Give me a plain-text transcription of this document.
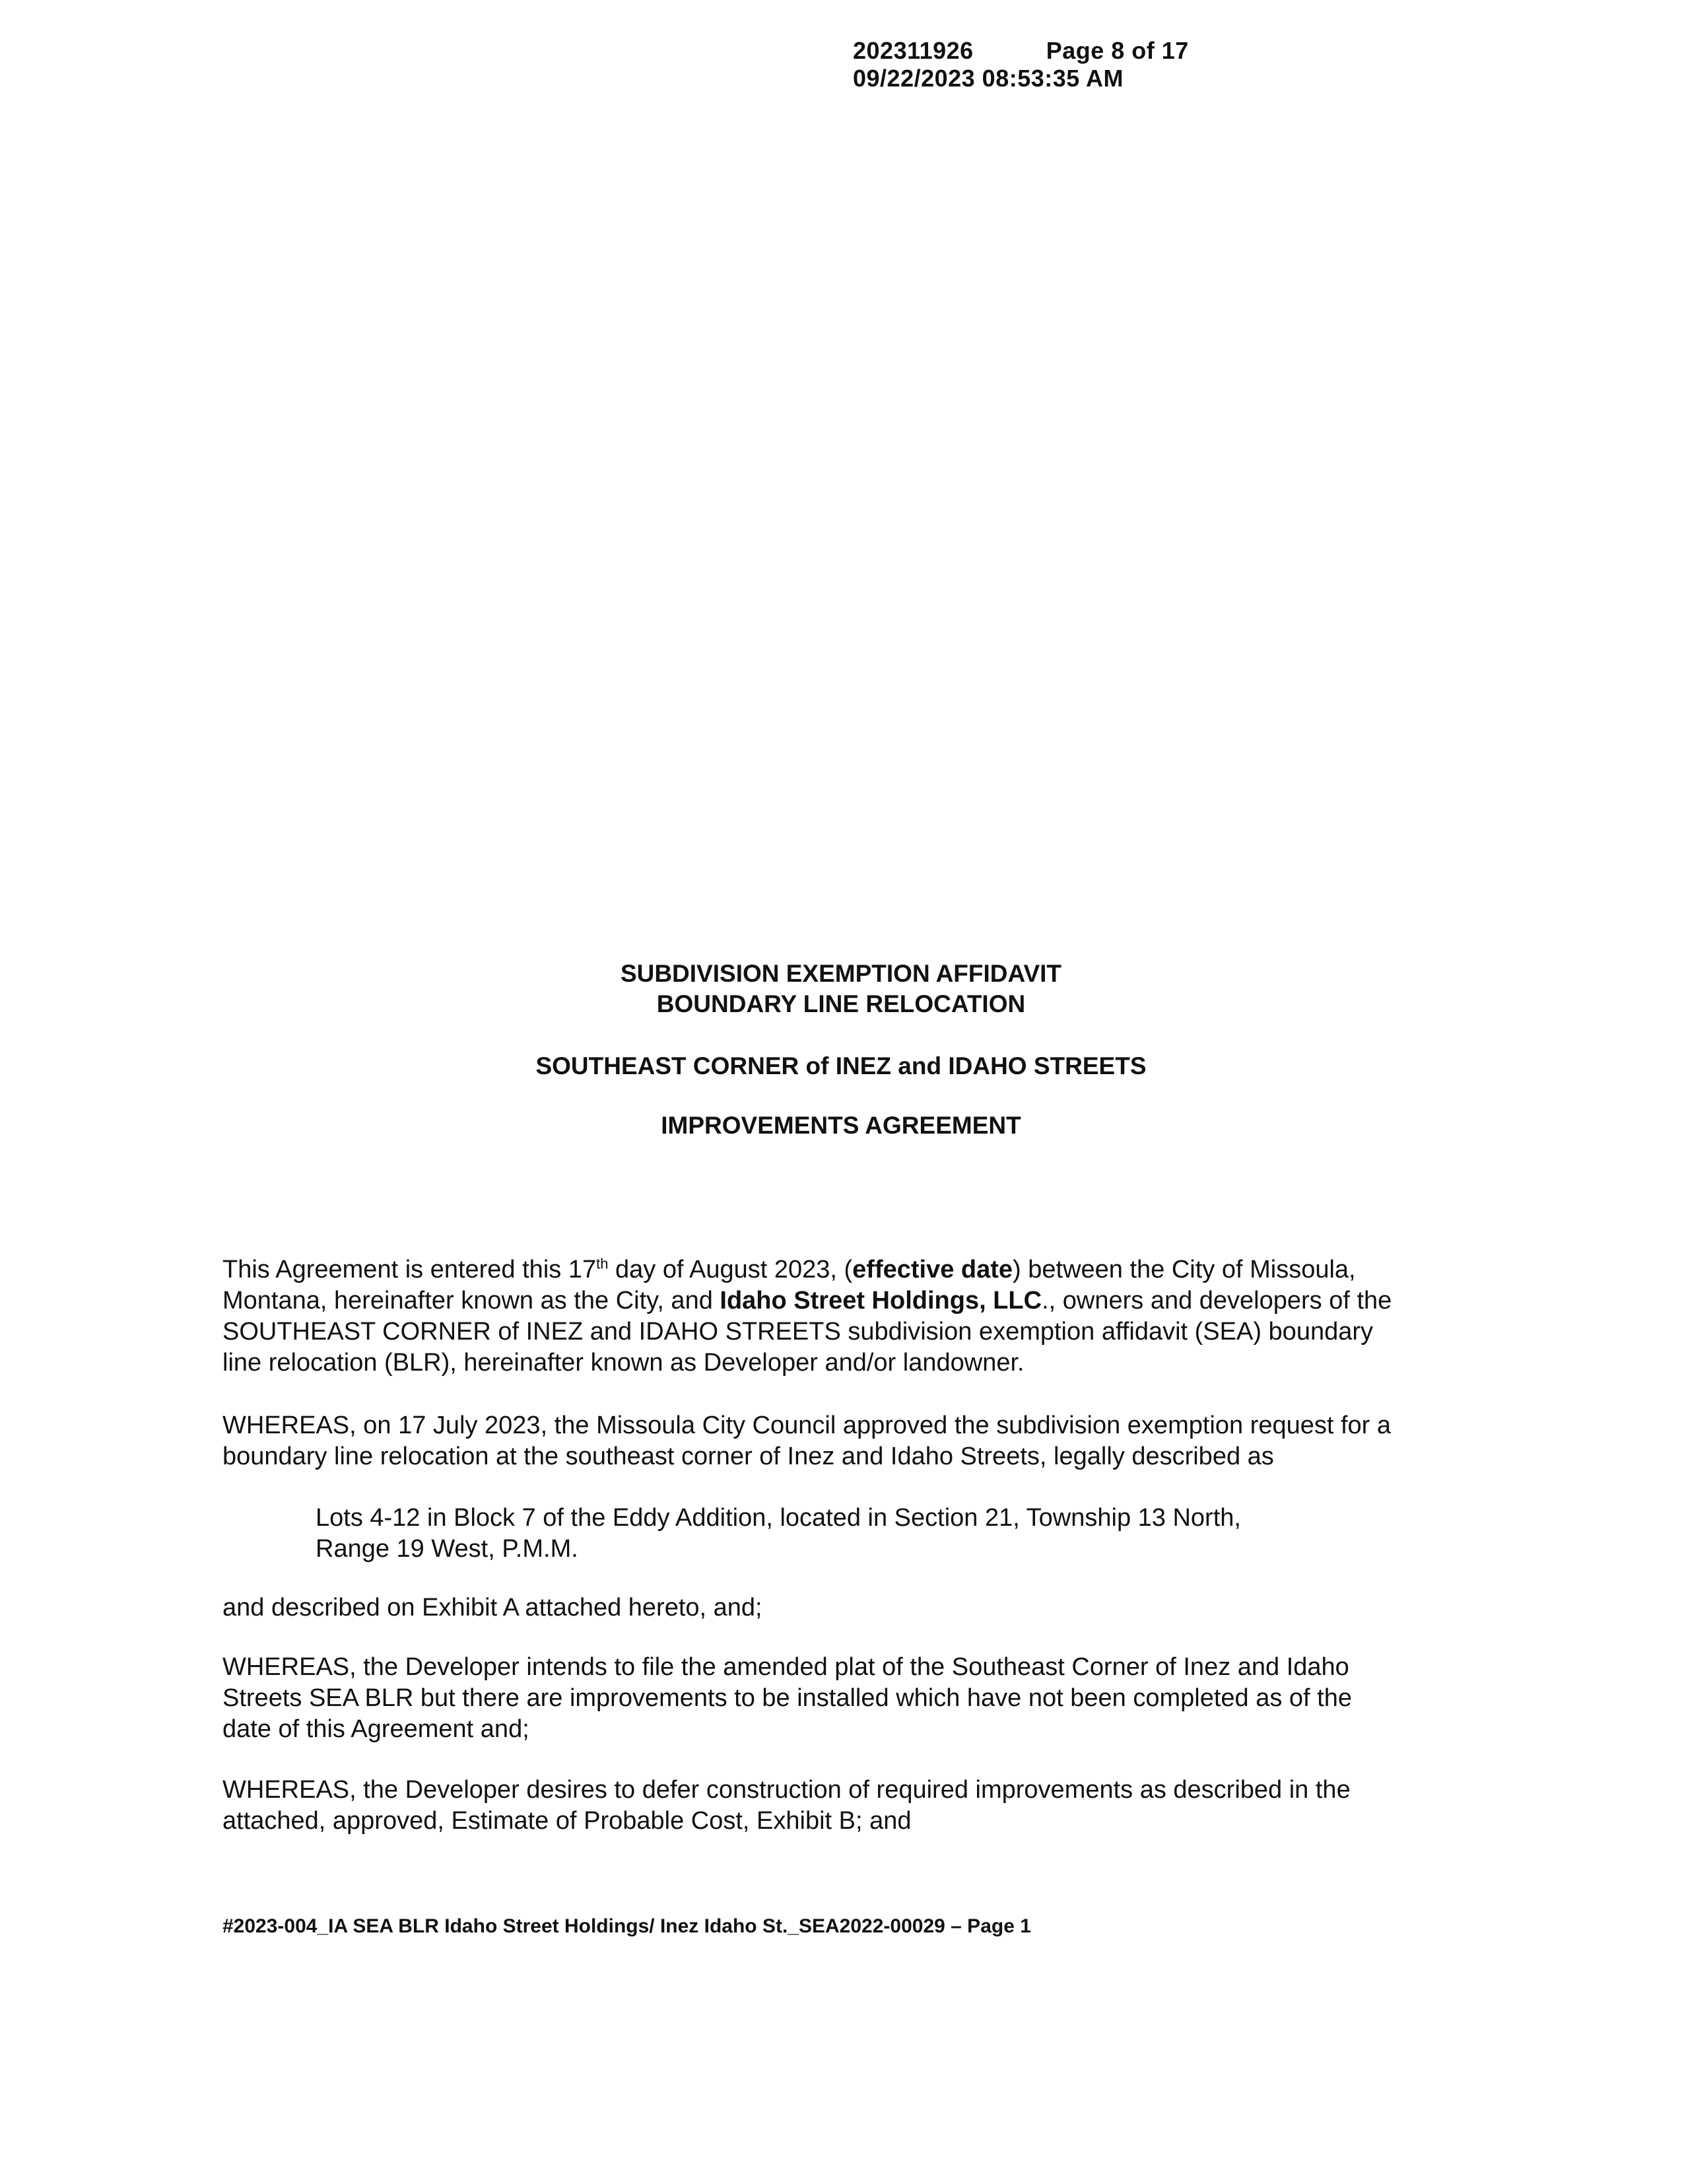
202311926	Page 8 of 17
09/22/2023 08:53:35 AM
SUBDIVISION EXEMPTION AFFIDAVIT
BOUNDARY LINE RELOCATION
SOUTHEAST CORNER of INEZ and IDAHO STREETS
IMPROVEMENTS AGREEMENT
This Agreement is entered this 17th day of August 2023, (effective date) between the City of Missoula,
Montana, hereinafter known as the City, and Idaho Street Holdings, LLC., owners and developers of the
SOUTHEAST CORNER of INEZ and IDAHO STREETS subdivision exemption affidavit (SEA) boundary
line relocation (BLR), hereinafter known as Developer and/or landowner.
WHEREAS, on 17 July 2023, the Missoula City Council approved the subdivision exemption request for a
boundary line relocation at the southeast corner of Inez and Idaho Streets, legally described as
Lots 4-12 in Block 7 of the Eddy Addition, located in Section 21, Township 13 North,
Range 19 West, P.M.M.
and described on Exhibit A attached hereto, and;
WHEREAS, the Developer intends to file the amended plat of the Southeast Corner of Inez and Idaho
Streets SEA BLR but there are improvements to be installed which have not been completed as of the
date of this Agreement and;
WHEREAS, the Developer desires to defer construction of required improvements as described in the
attached, approved, Estimate of Probable Cost, Exhibit B; and
#2023-004_IA SEA BLR Idaho Street Holdings/ Inez Idaho St._SEA2022-00029 – Page 1
